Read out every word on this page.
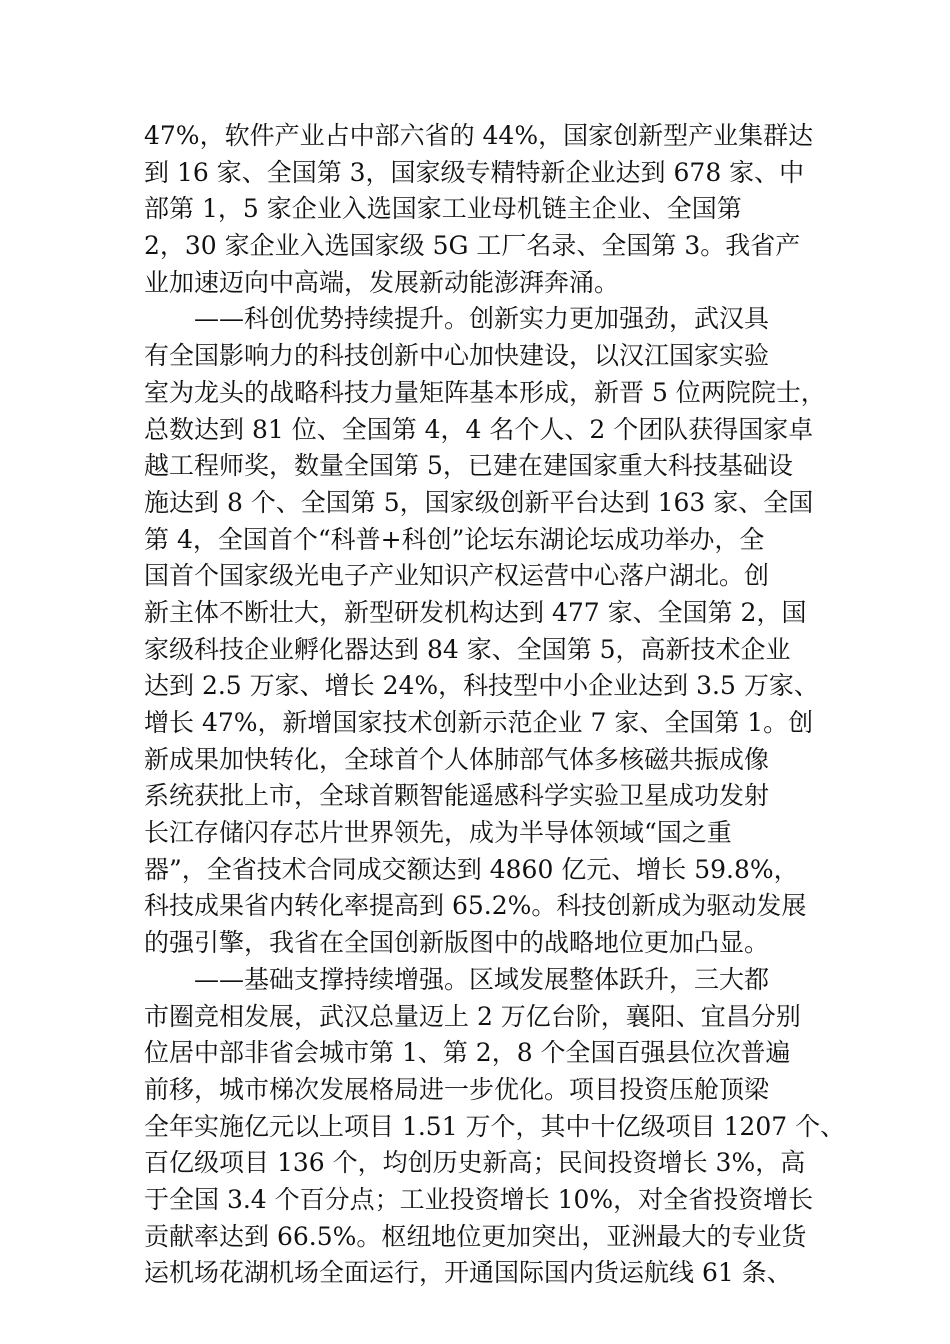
47%，软件产业占中部六省的 44%，国家创新型产业集群达
到 16 家、全国第 3，国家级专精特新企业达到 678 家、中
部第 1，5 家企业入选国家工业母机链主企业、全国第
2，30 家企业入选国家级 5G 工厂名录、全国第 3。我省产
业加速迈向中高端，发展新动能澎湃奔涌。
——科创优势持续提升。创新实力更加强劲，武汉具
有全国影响力的科技创新中心加快建设，以汉江国家实验
室为龙头的战略科技力量矩阵基本形成，新晋 5 位两院院士，
总数达到 81 位、全国第 4，4 名个人、2 个团队获得国家卓
越工程师奖，数量全国第 5，已建在建国家重大科技基础设
施达到 8 个、全国第 5，国家级创新平台达到 163 家、全国
第 4，全国首个“科普+科创”论坛东湖论坛成功举办，全
国首个国家级光电子产业知识产权运营中心落户湖北。创
新主体不断壮大，新型研发机构达到 477 家、全国第 2，国
家级科技企业孵化器达到 84 家、全国第 5，高新技术企业
达到 2.5 万家、增长 24%，科技型中小企业达到 3.5 万家、
增长 47%，新增国家技术创新示范企业 7 家、全国第 1。创
新成果加快转化，全球首个人体肺部气体多核磁共振成像
系统获批上市，全球首颗智能遥感科学实验卫星成功发射
长江存储闪存芯片世界领先，成为半导体领域“国之重
器”，全省技术合同成交额达到 4860 亿元、增长 59.8%，
科技成果省内转化率提高到 65.2%。科技创新成为驱动发展
的强引擎，我省在全国创新版图中的战略地位更加凸显。
——基础支撑持续增强。区域发展整体跃升，三大都
市圈竞相发展，武汉总量迈上 2 万亿台阶，襄阳、宜昌分别
位居中部非省会城市第 1、第 2，8 个全国百强县位次普遍
前移，城市梯次发展格局进一步优化。项目投资压舱顶梁
全年实施亿元以上项目 1.51 万个，其中十亿级项目 1207 个、
百亿级项目 136 个，均创历史新高；民间投资增长 3%，高
于全国 3.4 个百分点；工业投资增长 10%，对全省投资增长
贡献率达到 66.5%。枢纽地位更加突出，亚洲最大的专业货
运机场花湖机场全面运行，开通国际国内货运航线 61 条、
